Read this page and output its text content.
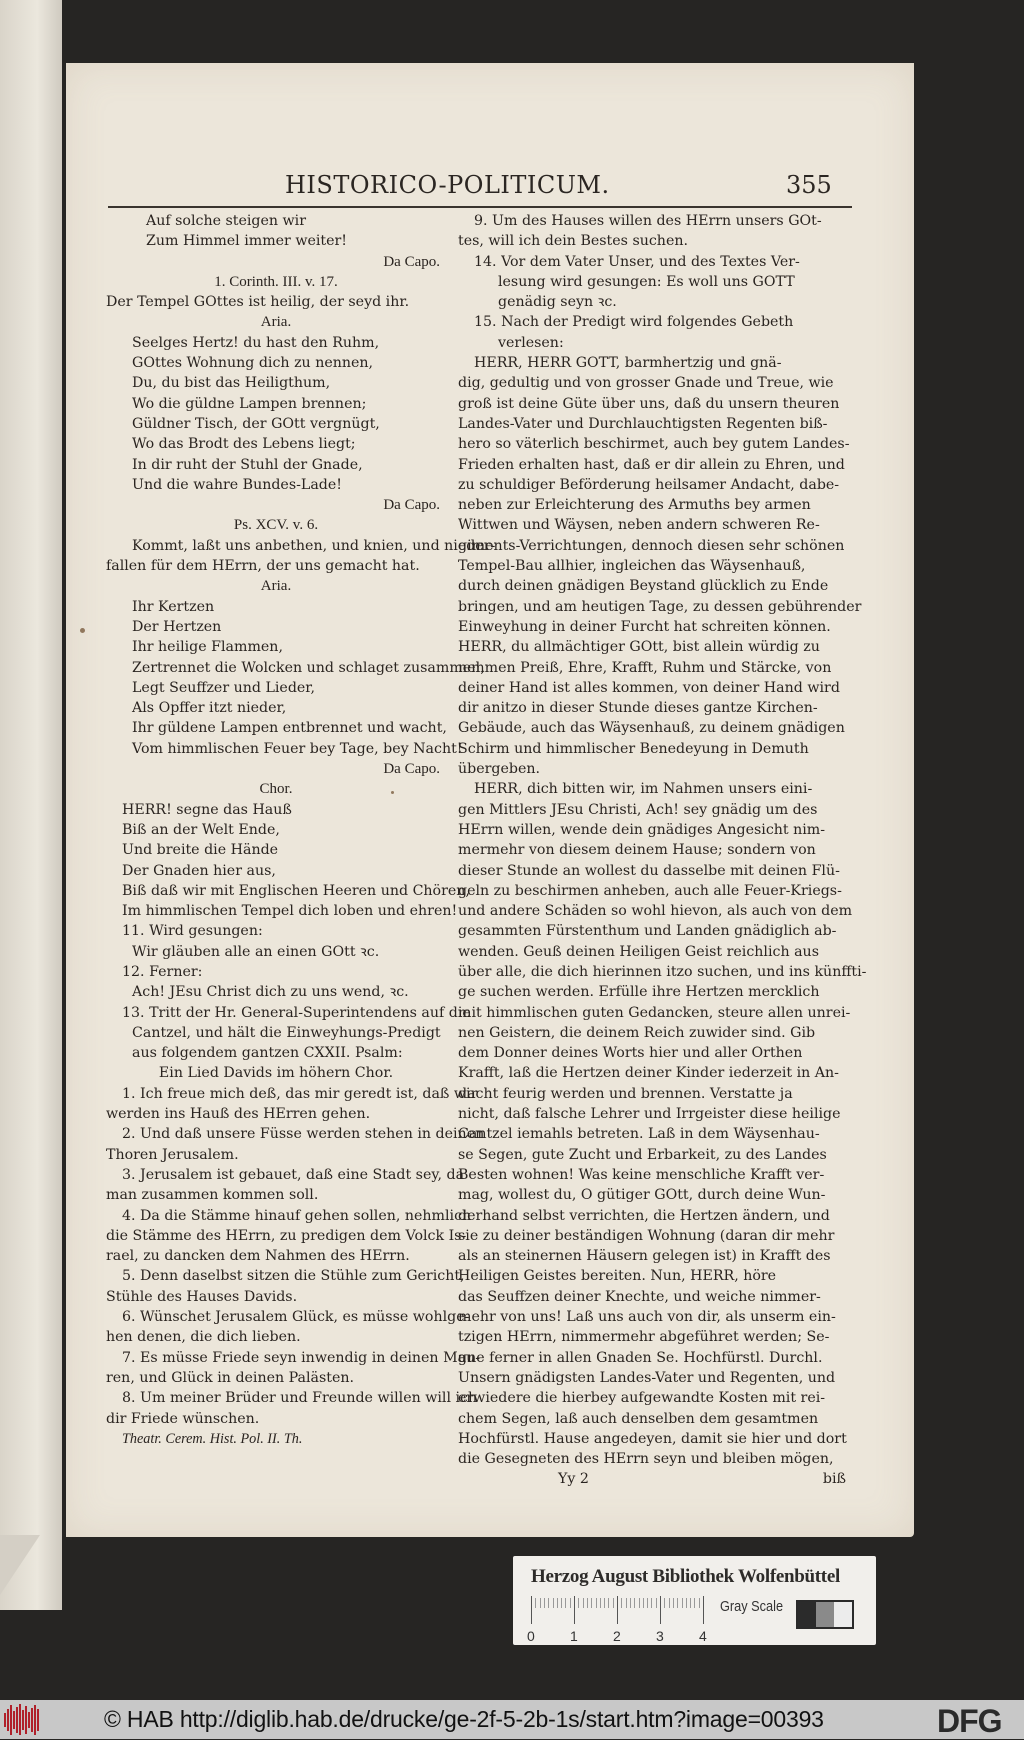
HISTORICO-POLITICUM.	355
Auf solche steigen wir
Zum Himmel immer weiter!
Da Capo.
1. Corinth. III. v. 17.
Der Tempel GOttes ist heilig, der seyd ihr.
Aria.
Seelges Hertz! du hast den Ruhm,
GOttes Wohnung dich zu nennen,
Du, du bist das Heiligthum,
Wo die güldne Lampen brennen;
Güldner Tisch, der GOtt vergnügt,
Wo das Brodt des Lebens liegt;
In dir ruht der Stuhl der Gnade,
Und die wahre Bundes-Lade!
Da Capo.
Ps. XCV. v. 6.
Kommt, laßt uns anbethen, und knien, und nieder-
fallen für dem HErrn, der uns gemacht hat.
Aria.
Ihr Kertzen
Der Hertzen
Ihr heilige Flammen,
Zertrennet die Wolcken und schlaget zusammen,
Legt Seuffzer und Lieder,
Als Opffer itzt nieder,
Ihr güldene Lampen entbrennet und wacht,
Vom himmlischen Feuer bey Tage, bey Nacht!
Da Capo.
Chor.
HERR! segne das Hauß
Biß an der Welt Ende,
Und breite die Hände
Der Gnaden hier aus,
Biß daß wir mit Englischen Heeren und Chören,
Im himmlischen Tempel dich loben und ehren!
11. Wird gesungen:
Wir gläuben alle an einen GOtt ꝛc.
12. Ferner:
Ach! JEsu Christ dich zu uns wend, ꝛc.
13. Tritt der Hr. General-Superintendens auf die
Cantzel, und hält die Einweyhungs-Predigt
aus folgendem gantzen CXXII. Psalm:
Ein Lied Davids im höhern Chor.
1. Ich freue mich deß, das mir geredt ist, daß wir
werden ins Hauß des HErren gehen.
2. Und daß unsere Füsse werden stehen in deinen
Thoren Jerusalem.
3. Jerusalem ist gebauet, daß eine Stadt sey, da
man zusammen kommen soll.
4. Da die Stämme hinauf gehen sollen, nehmlich
die Stämme des HErrn, zu predigen dem Volck Is-
rael, zu dancken dem Nahmen des HErrn.
5. Denn daselbst sitzen die Stühle zum Gericht,
Stühle des Hauses Davids.
6. Wünschet Jerusalem Glück, es müsse wohlge-
hen denen, die dich lieben.
7. Es müsse Friede seyn inwendig in deinen Mau-
ren, und Glück in deinen Palästen.
8. Um meiner Brüder und Freunde willen will ich
dir Friede wünschen.
Theatr. Cerem. Hist. Pol. II. Th.
9. Um des Hauses willen des HErrn unsers GOt-
tes, will ich dein Bestes suchen.
14. Vor dem Vater Unser, und des Textes Ver-
lesung wird gesungen: Es woll uns GOTT
genädig seyn ꝛc.
15. Nach der Predigt wird folgendes Gebeth
verlesen:
HERR, HERR GOTT, barmhertzig und gnä-
dig, gedultig und von grosser Gnade und Treue, wie
groß ist deine Güte über uns, daß du unsern theuren
Landes-Vater und Durchlauchtigsten Regenten biß-
hero so väterlich beschirmet, auch bey gutem Landes-
Frieden erhalten hast, daß er dir allein zu Ehren, und
zu schuldiger Beförderung heilsamer Andacht, dabe-
neben zur Erleichterung des Armuths bey armen
Wittwen und Wäysen, neben andern schweren Re-
giments-Verrichtungen, dennoch diesen sehr schönen
Tempel-Bau allhier, ingleichen das Wäysenhauß,
durch deinen gnädigen Beystand glücklich zu Ende
bringen, und am heutigen Tage, zu dessen gebührender
Einweyhung in deiner Furcht hat schreiten können.
HERR, du allmächtiger GOtt, bist allein würdig zu
nehmen Preiß, Ehre, Krafft, Ruhm und Stärcke, von
deiner Hand ist alles kommen, von deiner Hand wird
dir anitzo in dieser Stunde dieses gantze Kirchen-
Gebäude, auch das Wäysenhauß, zu deinem gnädigen
Schirm und himmlischer Benedeyung in Demuth
übergeben.
HERR, dich bitten wir, im Nahmen unsers eini-
gen Mittlers JEsu Christi, Ach! sey gnädig um des
HErrn willen, wende dein gnädiges Angesicht nim-
mermehr von diesem deinem Hause; sondern von
dieser Stunde an wollest du dasselbe mit deinen Flü-
geln zu beschirmen anheben, auch alle Feuer-Kriegs-
und andere Schäden so wohl hievon, als auch von dem
gesammten Fürstenthum und Landen gnädiglich ab-
wenden. Geuß deinen Heiligen Geist reichlich aus
über alle, die dich hierinnen itzo suchen, und ins künffti-
ge suchen werden. Erfülle ihre Hertzen mercklich
mit himmlischen guten Gedancken, steure allen unrei-
nen Geistern, die deinem Reich zuwider sind. Gib
dem Donner deines Worts hier und aller Orthen
Krafft, laß die Hertzen deiner Kinder iederzeit in An-
dacht feurig werden und brennen. Verstatte ja
nicht, daß falsche Lehrer und Irrgeister diese heilige
Cantzel iemahls betreten. Laß in dem Wäysenhau-
se Segen, gute Zucht und Erbarkeit, zu des Landes
Besten wohnen! Was keine menschliche Krafft ver-
mag, wollest du, O gütiger GOtt, durch deine Wun-
derhand selbst verrichten, die Hertzen ändern, und
sie zu deiner beständigen Wohnung (daran dir mehr
als an steinernen Häusern gelegen ist) in Krafft des
Heiligen Geistes bereiten. Nun, HERR, höre
das Seuffzen deiner Knechte, und weiche nimmer-
mehr von uns! Laß uns auch von dir, als unserm ein-
tzigen HErrn, nimmermehr abgeführet werden; Se-
gne ferner in allen Gnaden Se. Hochfürstl. Durchl.
Unsern gnädigsten Landes-Vater und Regenten, und
erwiedere die hierbey aufgewandte Kosten mit rei-
chem Segen, laß auch denselben dem gesamtmen
Hochfürstl. Hause angedeyen, damit sie hier und dort
die Gesegneten des HErrn seyn und bleiben mögen,
Yy 2	biß
Herzog August Bibliothek Wolfenbüttel
0	1	2	3	4
Gray Scale
© HAB http://diglib.hab.de/drucke/ge-2f-5-2b-1s/start.htm?image=00393	DFG
